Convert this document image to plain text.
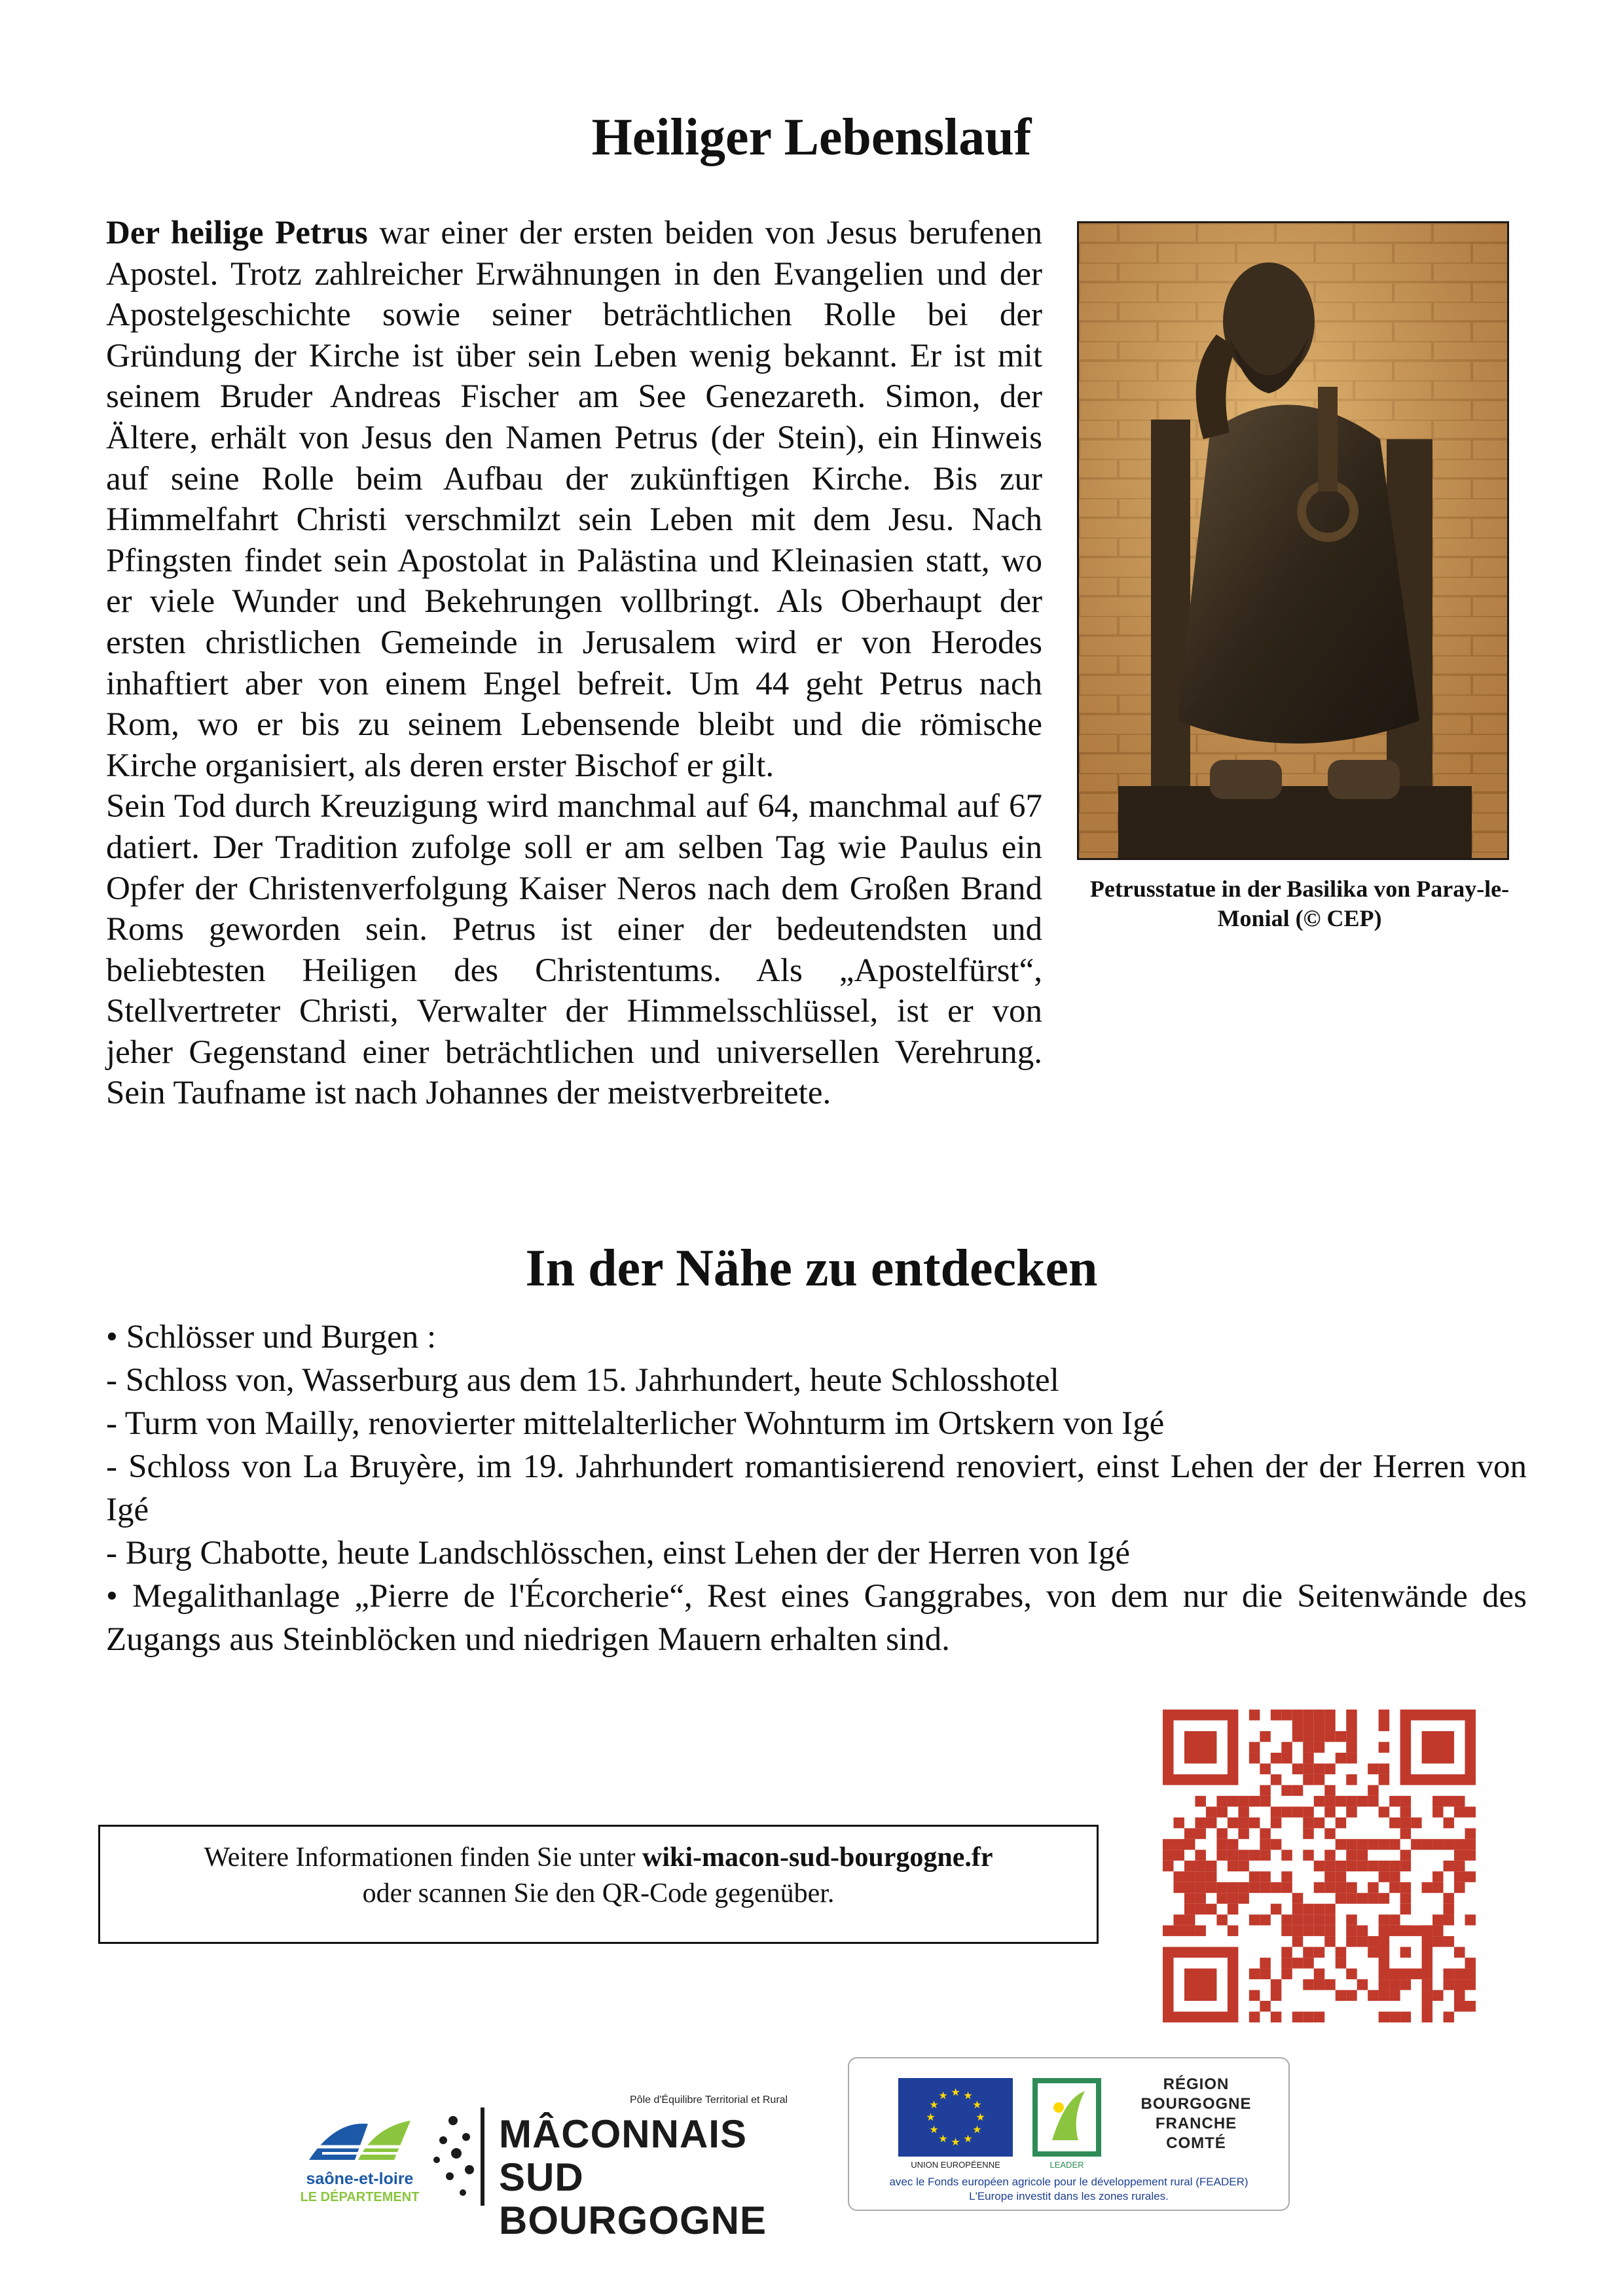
Heiliger Lebenslauf

Der heilige Petrus war einer der ersten beiden von Jesus berufenen Apostel. Trotz zahlreicher Erwähnungen in den Evangelien und der Apostelgeschichte sowie seiner beträchtlichen Rolle bei der Gründung der Kirche ist über sein Leben wenig bekannt. Er ist mit seinem Bruder Andreas Fischer am See Genezareth. Simon, der Ältere, erhält von Jesus den Namen Petrus (der Stein), ein Hinweis auf seine Rolle beim Aufbau der zukünftigen Kirche. Bis zur Himmelfahrt Christi verschmilzt sein Leben mit dem Jesu. Nach Pfingsten findet sein Apostolat in Palästina und Kleinasien statt, wo er viele Wunder und Bekehrungen vollbringt. Als Oberhaupt der ersten christlichen Gemeinde in Jerusalem wird er von Herodes inhaftiert aber von einem Engel befreit. Um 44 geht Petrus nach Rom, wo er bis zu seinem Lebensende bleibt und die römische Kirche organisiert, als deren erster Bischof er gilt.

Sein Tod durch Kreuzigung wird manchmal auf 64, manchmal auf 67 datiert. Der Tradition zufolge soll er am selben Tag wie Paulus ein Opfer der Christenverfolgung Kaiser Neros nach dem Großen Brand Roms geworden sein. Petrus ist einer der bedeutendsten und beliebtesten Heiligen des Christentums. Als „Apostelfürst“, Stellvertreter Christi, Verwalter der Himmelsschlüssel, ist er von jeher Gegenstand einer beträchtlichen und universellen Verehrung. Sein Taufname ist nach Johannes der meistverbreitete.

Petrusstatue in der Basilika von Paray-le-Monial (© CEP)
In der Nähe zu entdecken
• Schlösser und Burgen :
- Schloss von, Wasserburg aus dem 15. Jahrhundert, heute Schlosshotel
- Turm von Mailly, renovierter mittelalterlicher Wohnturm im Ortskern von Igé
- Schloss von La Bruyère, im 19. Jahrhundert romantisierend renoviert, einst Lehen der der Herren von Igé
- Burg Chabotte, heute Landschlösschen, einst Lehen der der Herren von Igé
• Megalithanlage „Pierre de l'Écorcherie“, Rest eines Ganggrabes, von dem nur die Seitenwände des Zugangs aus Steinblöcken und niedrigen Mauern erhalten sind.
Weitere Informationen finden Sie unter wiki-macon-sud-bourgogne.fr
oder scannen Sie den QR-Code gegenüber.
saône-et-loire
LE DÉPARTEMENT
Pôle d'Équilibre Territorial et Rural
MÂCONNAIS
SUD BOURGOGNE
★
★
★
★
★
★
★
★
★ ★ ★
★
UNION EUROPÉENNE	LEADER
RÉGION
BOURGOGNE
FRANCHE
COMTÉ
avec le Fonds européen agricole pour le développement rural (FEADER)
L'Europe investit dans les zones rurales.
